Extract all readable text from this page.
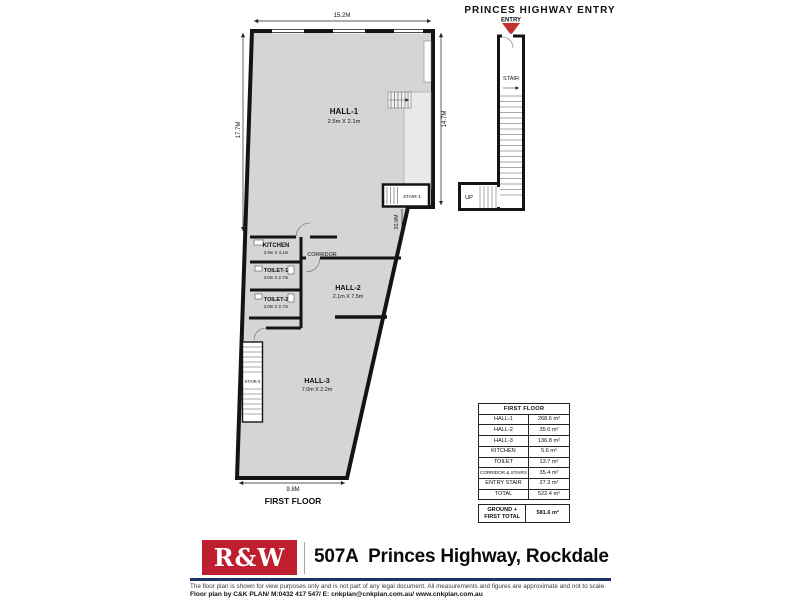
STAIR-1
STAIR-3
HALL-1
2.5m X 2.1m
HALL-2
2.1m X 7.5m
HALL-3
7.0m X 2.2m
KITCHEN
2.9m X 4.1m	CORRIDOR
TOILET-1
3.0m X 2.7m
TOILET-2
3.0m X 2.7m
15.2M
17.7M
14.7M
20.9M
9.8M
FIRST FLOOR
PRINCES HIGHWAY ENTRY
ENTRY
STAIR
UP
FIRST FLOOR	
HALL-1	268.6 m²
HALL-2	35.0 m²
HALL-3	136.8 m²
KITCHEN	5.6 m²
TOILET	13.7 m²
CORRIDOR & STAIRS	35.4 m²
ENTRY STAIR	27.3 m²
TOTAL	522.4 m²
GROUND + FIRST TOTAL	581.6 m²
R&W 507A  Princes Highway, Rockdale
The floor plan is shown for view purposes only and is not part of any legal document. All measurements and figures are approximate and not to scale.
Floor plan by C&K PLAN/ M:0432 417 547/ E: cnkplan@cnkplan.com.au/ www.cnkplan.com.au
